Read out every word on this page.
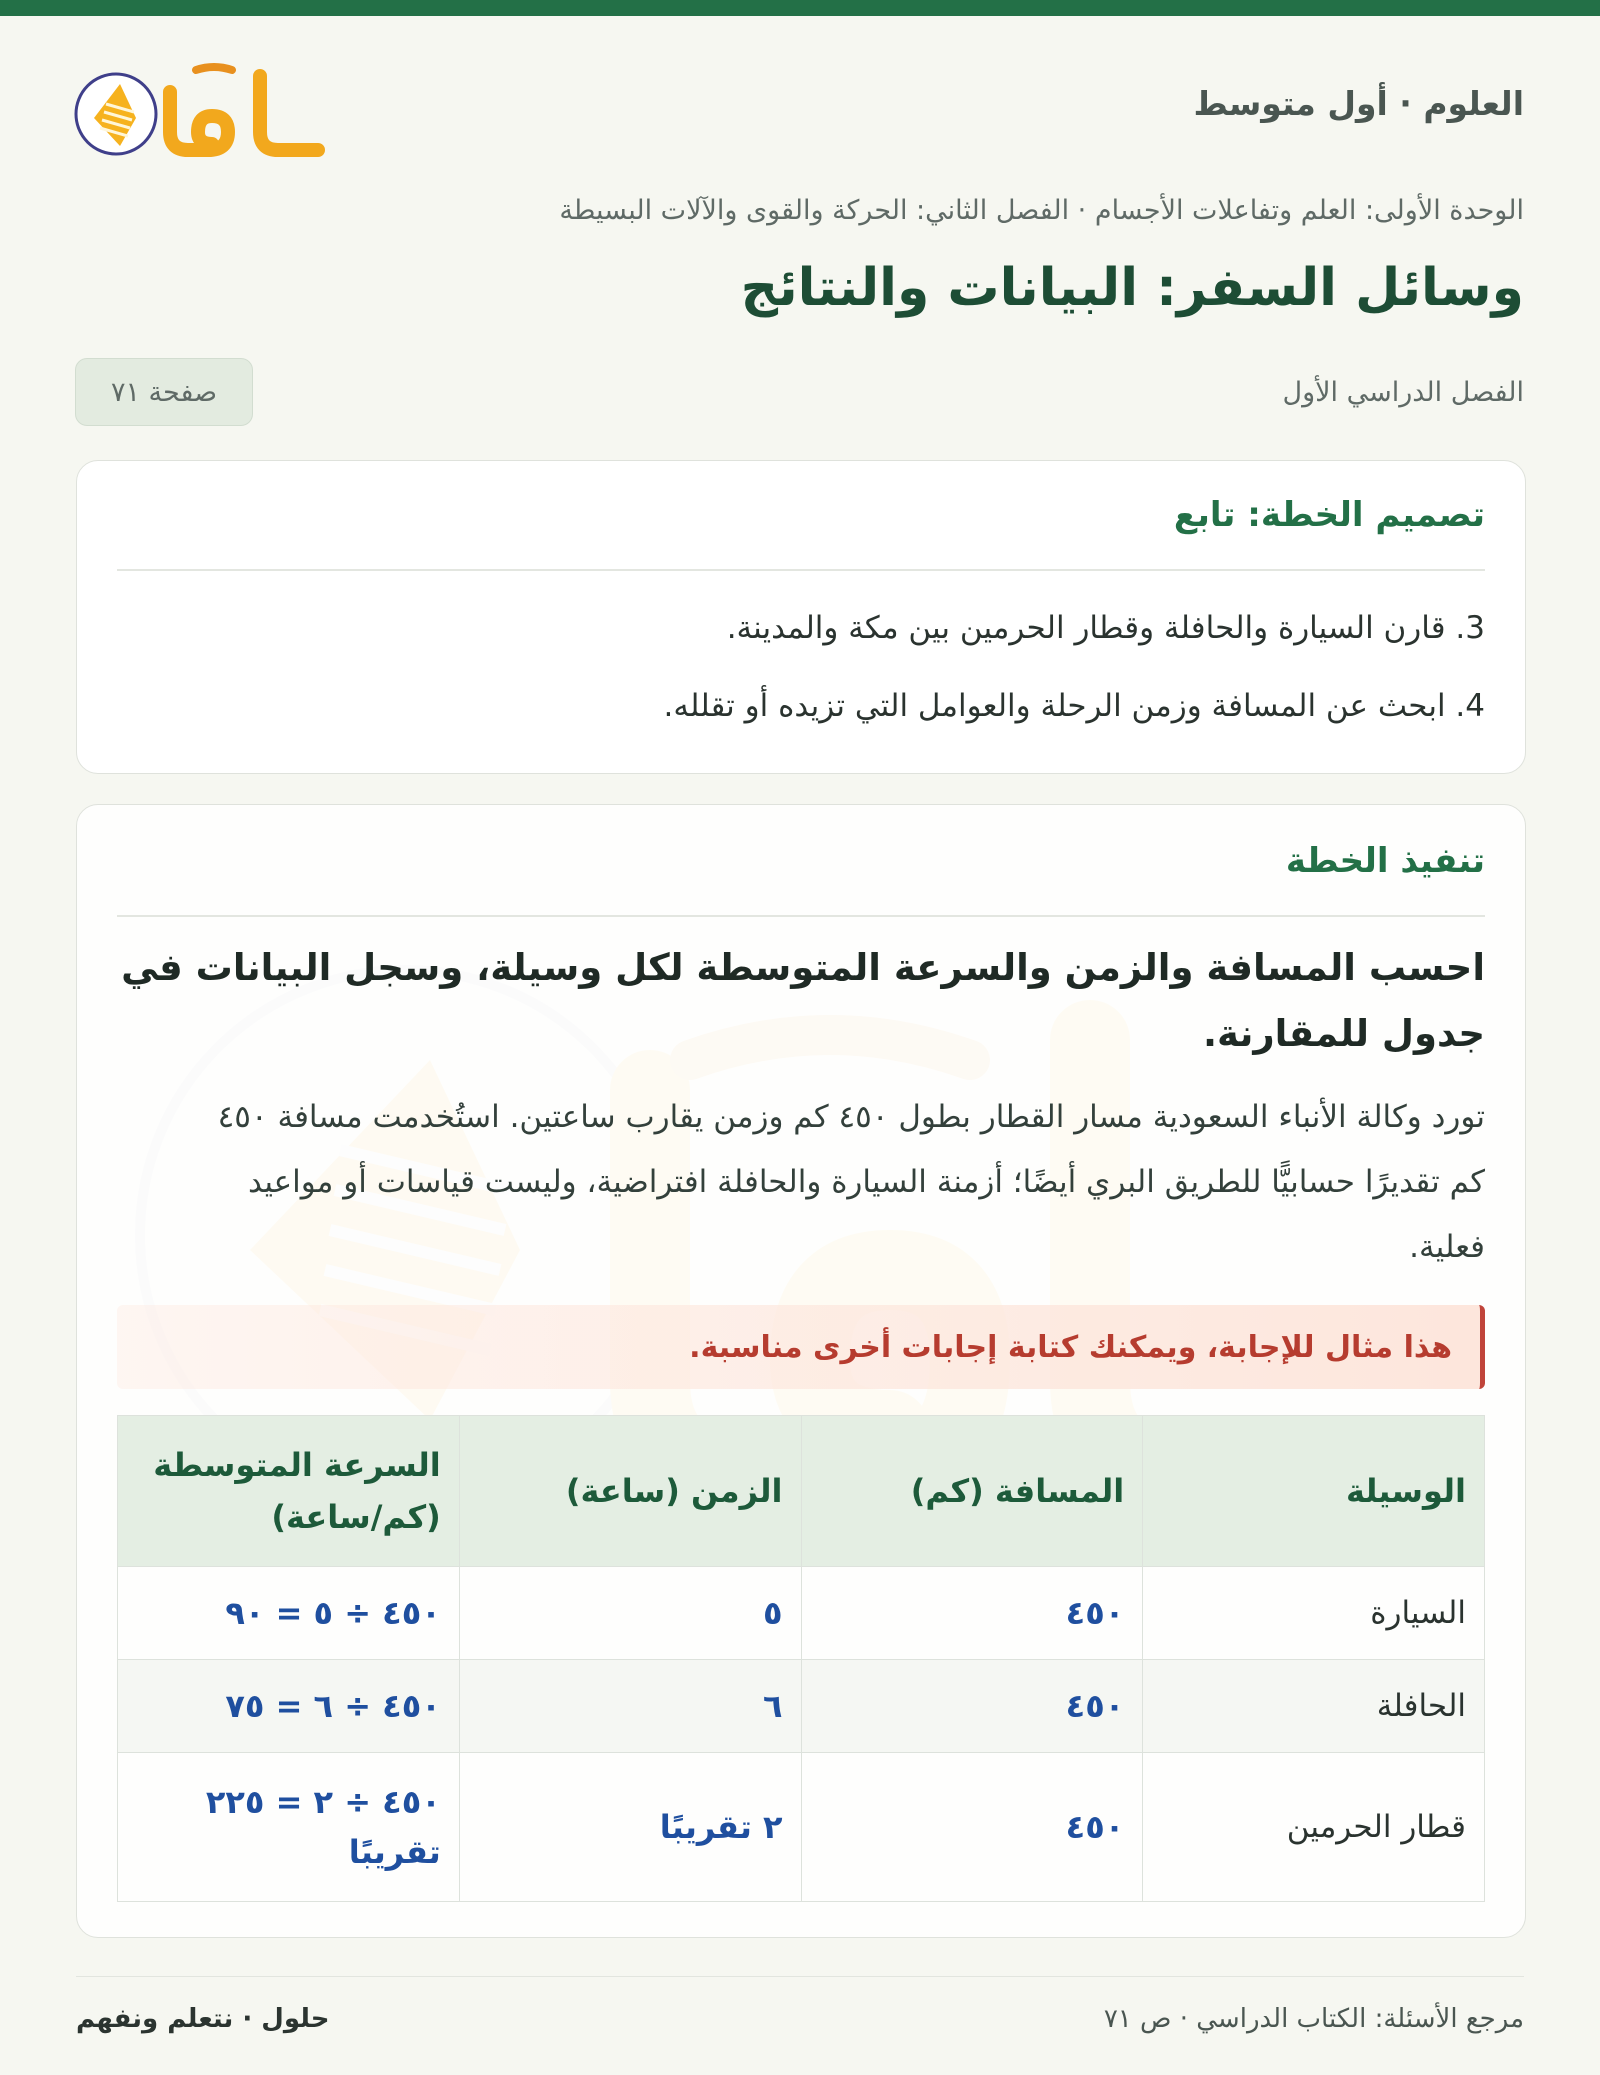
العلوم · أول متوسط
الوحدة الأولى: العلم وتفاعلات الأجسام · الفصل الثاني: الحركة والقوى والآلات البسيطة
وسائل السفر: البيانات والنتائج
الفصل الدراسي الأول
صفحة ٧١
تصميم الخطة: تابع
3. قارن السيارة والحافلة وقطار الحرمين بين مكة والمدينة.
4. ابحث عن المسافة وزمن الرحلة والعوامل التي تزيده أو تقلله.
تنفيذ الخطة
احسب المسافة والزمن والسرعة المتوسطة لكل وسيلة، وسجل البيانات في جدول للمقارنة.
تورد وكالة الأنباء السعودية مسار القطار بطول ٤٥٠ كم وزمن يقارب ساعتين. استُخدمت مسافة ٤٥٠ كم تقديرًا حسابيًّا للطريق البري أيضًا؛ أزمنة السيارة والحافلة افتراضية، وليست قياسات أو مواعيد فعلية.
هذا مثال للإجابة، ويمكنك كتابة إجابات أخرى مناسبة.
الوسيلة	المسافة (كم)	الزمن (ساعة)	السرعة المتوسطة (كم/ساعة)
السيارة	٤٥٠	٥	٤٥٠ ÷ ٥ = ٩٠
الحافلة	٤٥٠	٦	٤٥٠ ÷ ٦ = ٧٥
قطار الحرمين	٤٥٠	٢ تقريبًا	٤٥٠ ÷ ٢ = ٢٢٥ تقريبًا
حلول · نتعلم ونفهم	مرجع الأسئلة: الكتاب الدراسي · ص ٧١
